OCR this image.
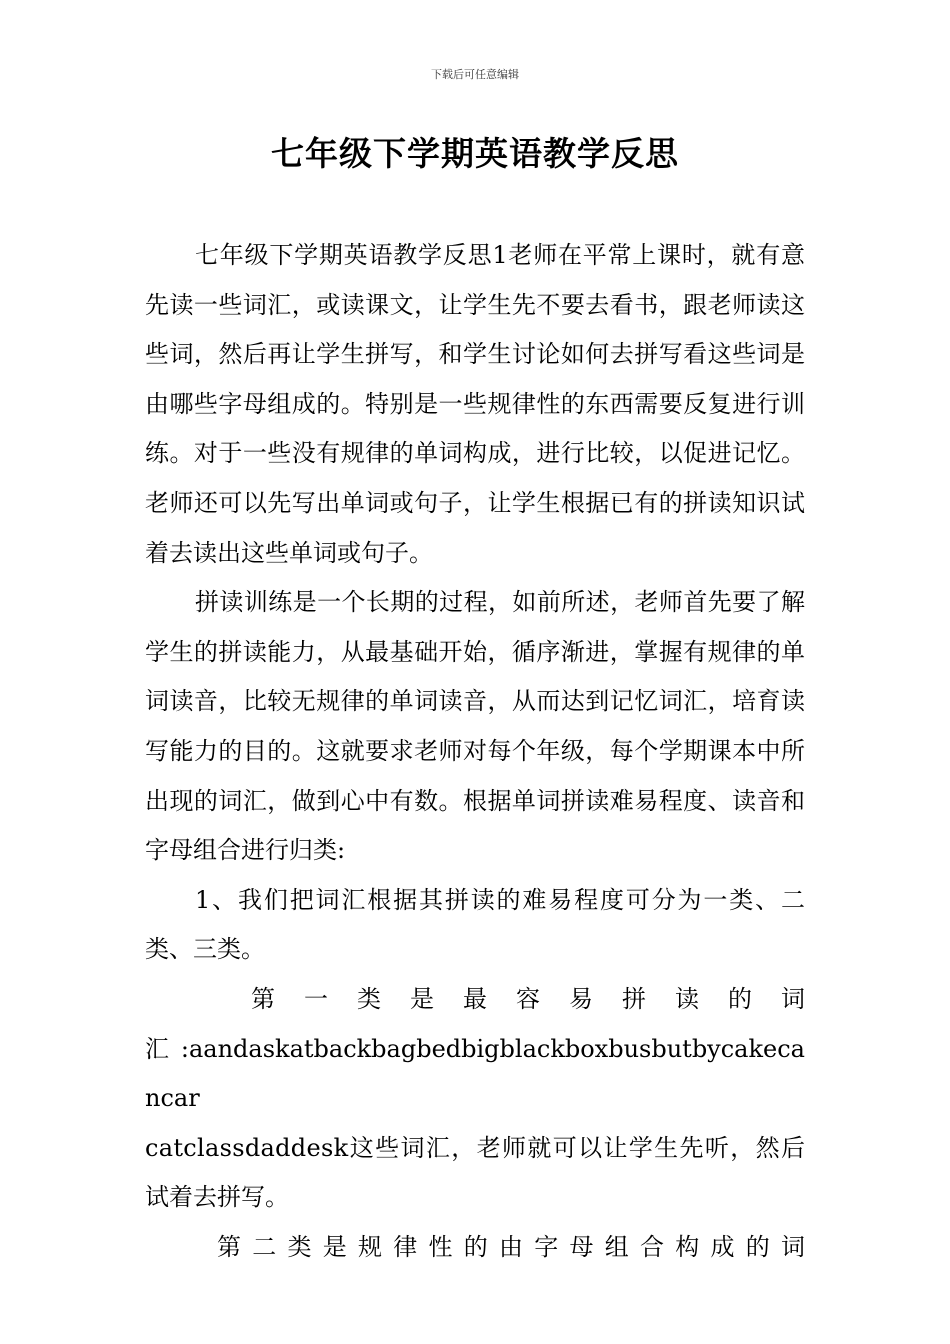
下载后可任意编辑
七年级下学期英语教学反思

七年级下学期英语教学反思1老师在平常上课时，就有意先读一些词汇，或读课文，让学生先不要去看书，跟老师读这些词，然后再让学生拼写，和学生讨论如何去拼写看这些词是由哪些字母组成的。特别是一些规律性的东西需要反复进行训练。对于一些没有规律的单词构成，进行比较，以促进记忆。老师还可以先写出单词或句子，让学生根据已有的拼读知识试着去读出这些单词或句子。

拼读训练是一个长期的过程，如前所述，老师首先要了解学生的拼读能力，从最基础开始，循序渐进，掌握有规律的单词读音，比较无规律的单词读音，从而达到记忆词汇，培育读写能力的目的。这就要求老师对每个年级，每个学期课本中所出现的词汇，做到心中有数。根据单词拼读难易程度、读音和字母组合进行归类:

1、我们把词汇根据其拼读的难易程度可分为一类、二类、三类。

第一类是最容易拼读的词

汇:aandaskatbackbagbedbigblackboxbusbutbycakecancar

catclassdaddesk这些词汇，老师就可以让学生先听，然后

试着去拼写。

第二类是规律性的由字母组合构成的词
